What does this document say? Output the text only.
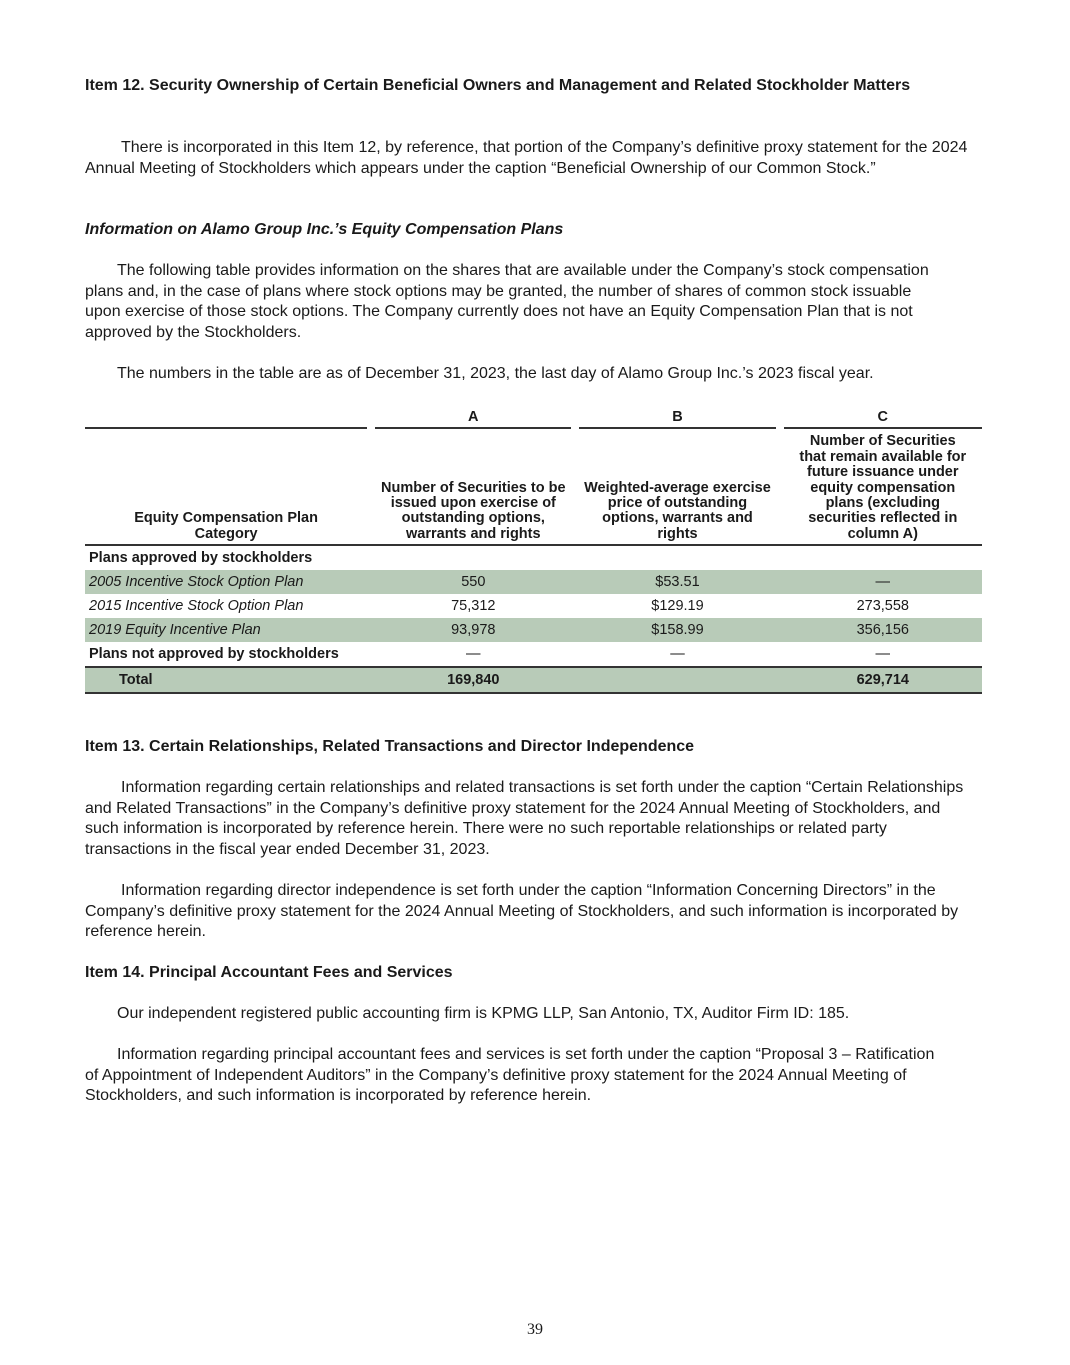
Item 12. Security Ownership of Certain Beneficial Owners and Management and Related Stockholder Matters

There is incorporated in this Item 12, by reference, that portion of the Company’s definitive proxy statement for the 2024 Annual Meeting of Stockholders which appears under the caption “Beneficial Ownership of our Common Stock.”

Information on Alamo Group Inc.’s Equity Compensation Plans

The following table provides information on the shares that are available under the Company’s stock compensation plans and, in the case of plans where stock options may be granted, the number of shares of common stock issuable upon exercise of those stock options. The Company currently does not have an Equity Compensation Plan that is not approved by the Stockholders.

The numbers in the table are as of December 31, 2023, the last day of Alamo Group Inc.’s 2023 fiscal year.

		A		B		C
Equity Compensation Plan Category		Number of Securities to be issued upon exercise of outstanding options, warrants and rights		Weighted-average exercise price of outstanding options, warrants and rights		Number of Securities that remain available for future issuance under equity compensation plans (excluding securities reflected in column A)
Plans approved by stockholders						
2005 Incentive Stock Option Plan		550		$53.51		—
2015 Incentive Stock Option Plan		75,312		$129.19		273,558
2019 Equity Incentive Plan		93,978		$158.99		356,156
Plans not approved by stockholders		—		—		—
Total		169,840				629,714

Item 13. Certain Relationships, Related Transactions and Director Independence

Information regarding certain relationships and related transactions is set forth under the caption “Certain Relationships and Related Transactions” in the Company’s definitive proxy statement for the 2024 Annual Meeting of Stockholders, and such information is incorporated by reference herein. There were no such reportable relationships or related party transactions in the fiscal year ended December 31, 2023.

Information regarding director independence is set forth under the caption “Information Concerning Directors” in the Company’s definitive proxy statement for the 2024 Annual Meeting of Stockholders, and such information is incorporated by reference herein.

Item 14. Principal Accountant Fees and Services

Our independent registered public accounting firm is KPMG LLP, San Antonio, TX, Auditor Firm ID: 185.

Information regarding principal accountant fees and services is set forth under the caption “Proposal 3 – Ratification of Appointment of Independent Auditors” in the Company’s definitive proxy statement for the 2024 Annual Meeting of Stockholders, and such information is incorporated by reference herein.

39
